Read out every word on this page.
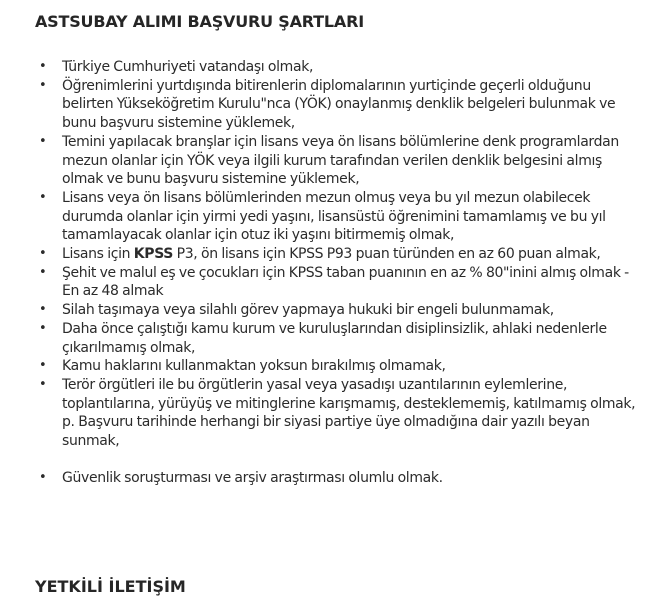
ASTSUBAY ALIMI BAŞVURU ŞARTLARI
• Türkiye Cumhuriyeti vatandaşı olmak,
• Öğrenimlerini yurtdışında bitirenlerin diplomalarının yurtiçinde geçerli olduğunu belirten Yükseköğretim Kurulu"nca (YÖK) onaylanmış denklik belgeleri bulunmak ve bunu başvuru sistemine yüklemek,
• Temini yapılacak branşlar için lisans veya ön lisans bölümlerine denk programlardan mezun olanlar için YÖK veya ilgili kurum tarafından verilen denklik belgesini almış olmak ve bunu başvuru sistemine yüklemek,
• Lisans veya ön lisans bölümlerinden mezun olmuş veya bu yıl mezun olabilecek durumda olanlar için yirmi yedi yaşını, lisansüstü öğrenimini tamamlamış ve bu yıl tamamlayacak olanlar için otuz iki yaşını bitirmemiş olmak,
• Lisans için KPSS P3, ön lisans için KPSS P93 puan türünden en az 60 puan almak,
• Şehit ve malul eş ve çocukları için KPSS taban puanının en az % 80"inini almış olmak -En az 48 almak
• Silah taşımaya veya silahlı görev yapmaya hukuki bir engeli bulunmamak,
• Daha önce çalıştığı kamu kurum ve kuruluşlarından disiplinsizlik, ahlaki nedenlerle çıkarılmamış olmak,
• Kamu haklarını kullanmaktan yoksun bırakılmış olmamak,
• Terör örgütleri ile bu örgütlerin yasal veya yasadışı uzantılarının eylemlerine, toplantılarına, yürüyüş ve mitinglerine karışmamış, desteklememiş, katılmamış olmak, p. Başvuru tarihinde herhangi bir siyasi partiye üye olmadığına dair yazılı beyan sunmak,
• Güvenlik soruşturması ve arşiv araştırması olumlu olmak.
YETKİLİ İLETİŞİM
